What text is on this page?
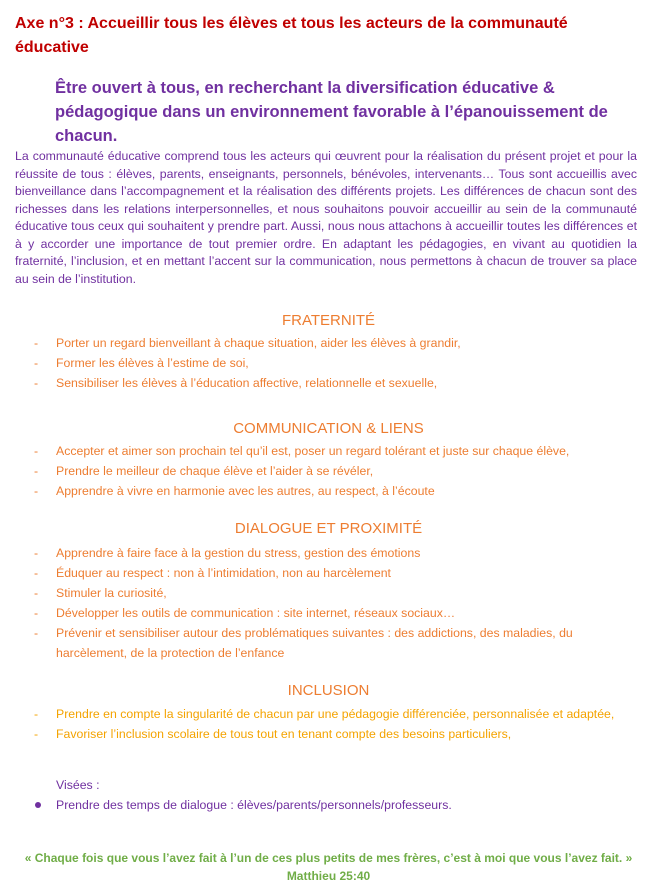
Axe n°3 : Accueillir tous les élèves et tous les acteurs de la communauté éducative
Être ouvert à tous, en recherchant la diversification éducative & pédagogique dans un environnement favorable à l’épanouissement de chacun.
La communauté éducative comprend tous les acteurs qui œuvrent pour la réalisation du présent projet et pour la réussite de tous : élèves, parents, enseignants, personnels, bénévoles, intervenants… Tous sont accueillis avec bienveillance dans l’accompagnement et la réalisation des différents projets. Les différences de chacun sont des richesses dans les relations interpersonnelles, et nous souhaitons pouvoir accueillir au sein de la communauté éducative tous ceux qui souhaitent y prendre part. Aussi, nous nous attachons à accueillir toutes les différences et à y accorder une importance de tout premier ordre. En adaptant les pédagogies, en vivant au quotidien la fraternité, l’inclusion, et en mettant l’accent sur la communication, nous permettons à chacun de trouver sa place au sein de l’institution.
FRATERNITÉ
- Porter un regard bienveillant à chaque situation, aider les élèves à grandir,
- Former les élèves à l’estime de soi,
- Sensibiliser les élèves à l’éducation affective, relationnelle et sexuelle,
COMMUNICATION & LIENS
- Accepter et aimer son prochain tel qu’il est, poser un regard tolérant et juste sur chaque élève,
- Prendre le meilleur de chaque élève et l’aider à se révéler,
- Apprendre à vivre en harmonie avec les autres, au respect, à l’écoute
DIALOGUE ET PROXIMITÉ
- Apprendre à faire face à la gestion du stress, gestion des émotions
- Éduquer au respect : non à l’intimidation, non au harcèlement
- Stimuler la curiosité,
- Développer les outils de communication : site internet, réseaux sociaux…
- Prévenir et sensibiliser autour des problématiques suivantes : des addictions, des maladies, du harcèlement, de la protection de l’enfance
INCLUSION
- Prendre en compte la singularité de chacun par une pédagogie différenciée, personnalisée et adaptée,
- Favoriser l’inclusion scolaire de tous tout en tenant compte des besoins particuliers,
Visées :
Prendre des temps de dialogue : élèves/parents/personnels/professeurs.
« Chaque fois que vous l’avez fait à l’un de ces plus petits de mes frères, c’est à moi que vous l’avez fait. » Matthieu 25:40
